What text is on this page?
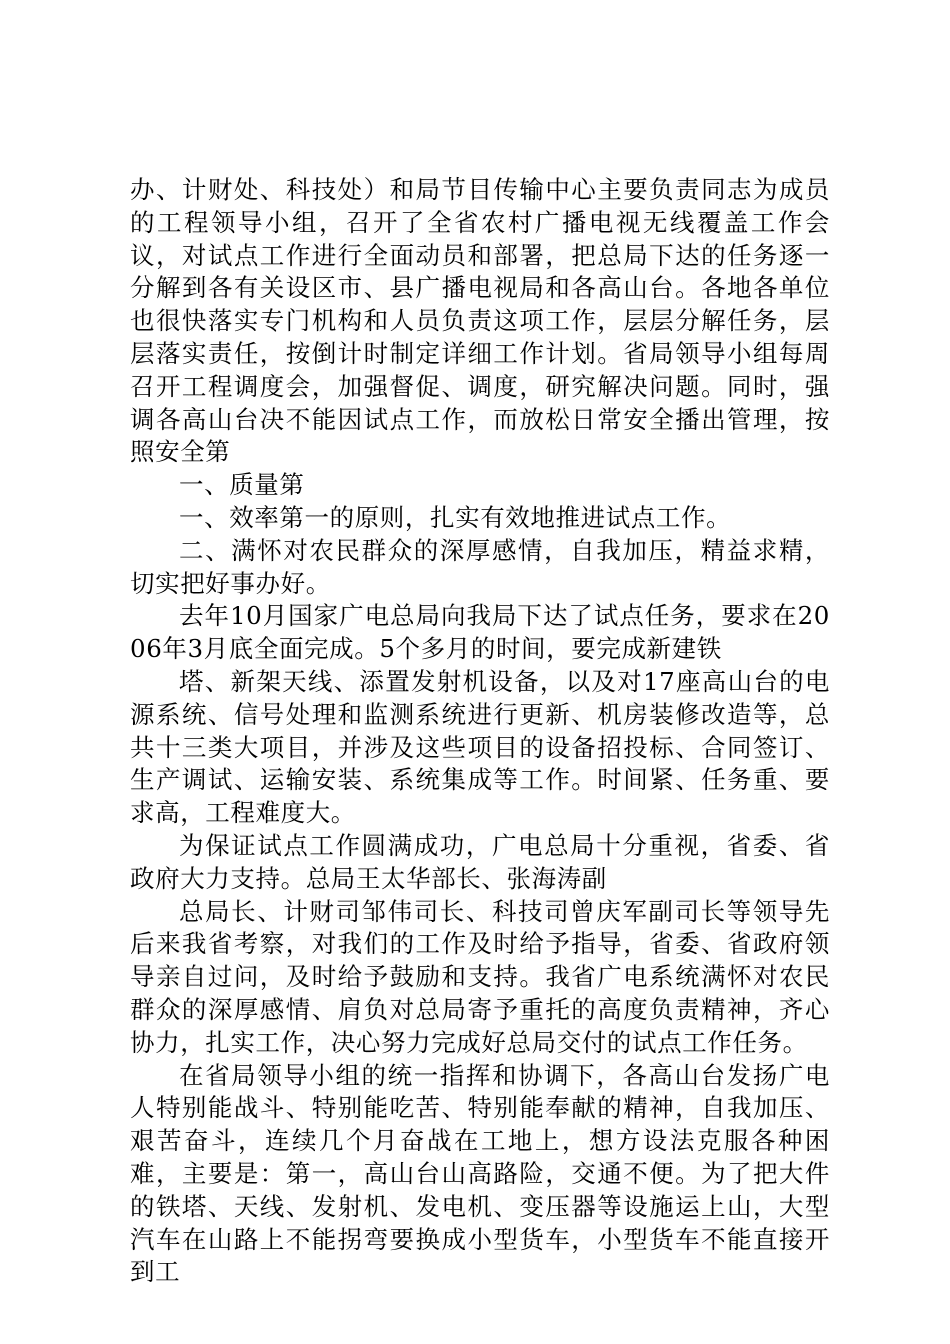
办、计财处、科技处）和局节目传输中心主要负责同志为成员的工程领导小组，召开了全省农村广播电视无线覆盖工作会议，对试点工作进行全面动员和部署，把总局下达的任务逐一分解到各有关设区市、县广播电视局和各高山台。各地各单位也很快落实专门机构和人员负责这项工作，层层分解任务，层层落实责任，按倒计时制定详细工作计划。省局领导小组每周召开工程调度会，加强督促、调度，研究解决问题。同时，强调各高山台决不能因试点工作，而放松日常安全播出管理，按照安全第

一、质量第

一、效率第一的原则，扎实有效地推进试点工作。

二、满怀对农民群众的深厚感情，自我加压，精益求精，切实把好事办好。

去年10月国家广电总局向我局下达了试点任务，要求在2006年3月底全面完成。5个多月的时间，要完成新建铁

塔、新架天线、添置发射机设备，以及对17座高山台的电源系统、信号处理和监测系统进行更新、机房装修改造等，总共十三类大项目，并涉及这些项目的设备招投标、合同签订、生产调试、运输安装、系统集成等工作。时间紧、任务重、要求高，工程难度大。

为保证试点工作圆满成功，广电总局十分重视，省委、省政府大力支持。总局王太华部长、张海涛副

总局长、计财司邹伟司长、科技司曾庆军副司长等领导先后来我省考察，对我们的工作及时给予指导，省委、省政府领导亲自过问，及时给予鼓励和支持。我省广电系统满怀对农民群众的深厚感情、肩负对总局寄予重托的高度负责精神，齐心协力，扎实工作，决心努力完成好总局交付的试点工作任务。

在省局领导小组的统一指挥和协调下，各高山台发扬广电人特别能战斗、特别能吃苦、特别能奉献的精神，自我加压、艰苦奋斗，连续几个月奋战在工地上，想方设法克服各种困难，主要是：第一，高山台山高路险，交通不便。为了把大件的铁塔、天线、发射机、发电机、变压器等设施运上山，大型汽车在山路上不能拐弯要换成小型货车，小型货车不能直接开到工
